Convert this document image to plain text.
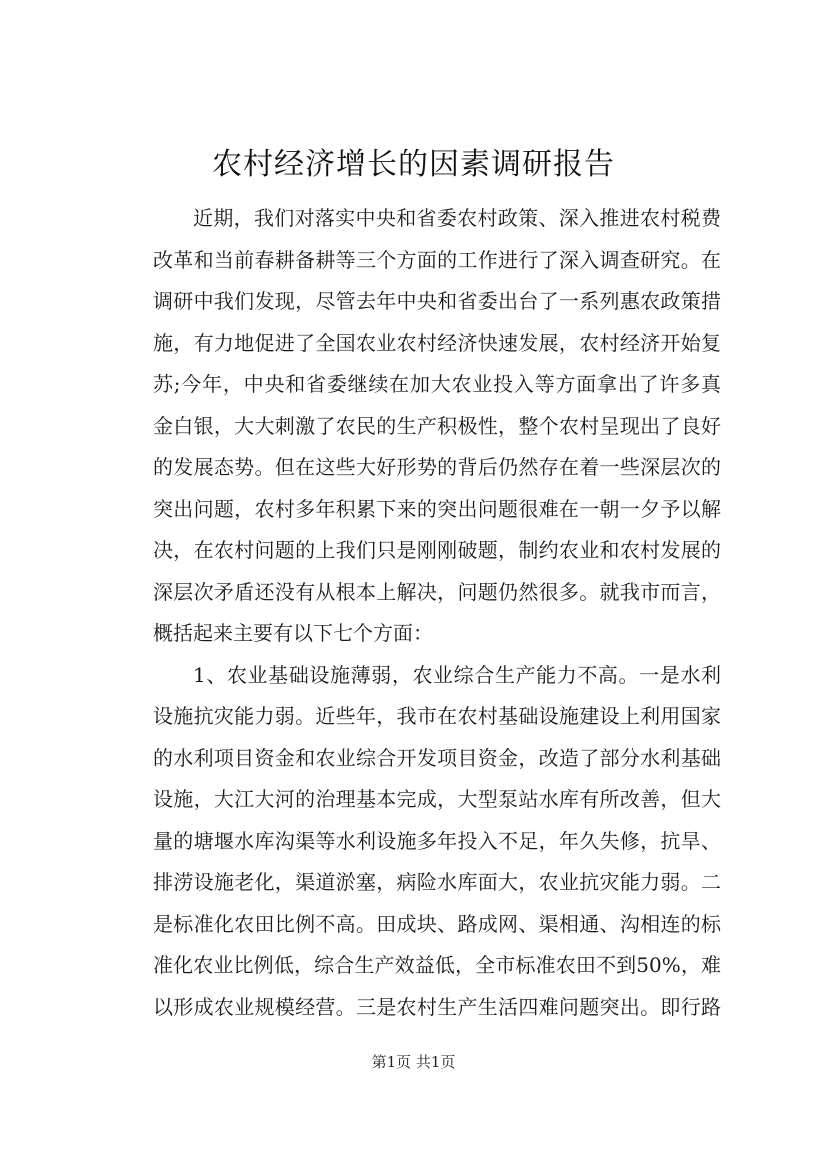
农村经济增长的因素调研报告
近期，我们对落实中央和省委农村政策、深入推进农村税费
改革和当前春耕备耕等三个方面的工作进行了深入调查研究。在
调研中我们发现，尽管去年中央和省委出台了一系列惠农政策措
施，有力地促进了全国农业农村经济快速发展，农村经济开始复
苏;今年，中央和省委继续在加大农业投入等方面拿出了许多真
金白银，大大刺激了农民的生产积极性，整个农村呈现出了良好
的发展态势。但在这些大好形势的背后仍然存在着一些深层次的
突出问题，农村多年积累下来的突出问题很难在一朝一夕予以解
决，在农村问题的上我们只是刚刚破题，制约农业和农村发展的
深层次矛盾还没有从根本上解决，问题仍然很多。就我市而言，
概括起来主要有以下七个方面：
1、农业基础设施薄弱，农业综合生产能力不高。一是水利
设施抗灾能力弱。近些年，我市在农村基础设施建设上利用国家
的水利项目资金和农业综合开发项目资金，改造了部分水利基础
设施，大江大河的治理基本完成，大型泵站水库有所改善，但大
量的塘堰水库沟渠等水利设施多年投入不足，年久失修，抗旱、
排涝设施老化，渠道淤塞，病险水库面大，农业抗灾能力弱。二
是标准化农田比例不高。田成块、路成网、渠相通、沟相连的标
准化农业比例低，综合生产效益低，全市标准农田不到50%，难
以形成农业规模经营。三是农村生产生活四难问题突出。即行路
第1页 共1页
